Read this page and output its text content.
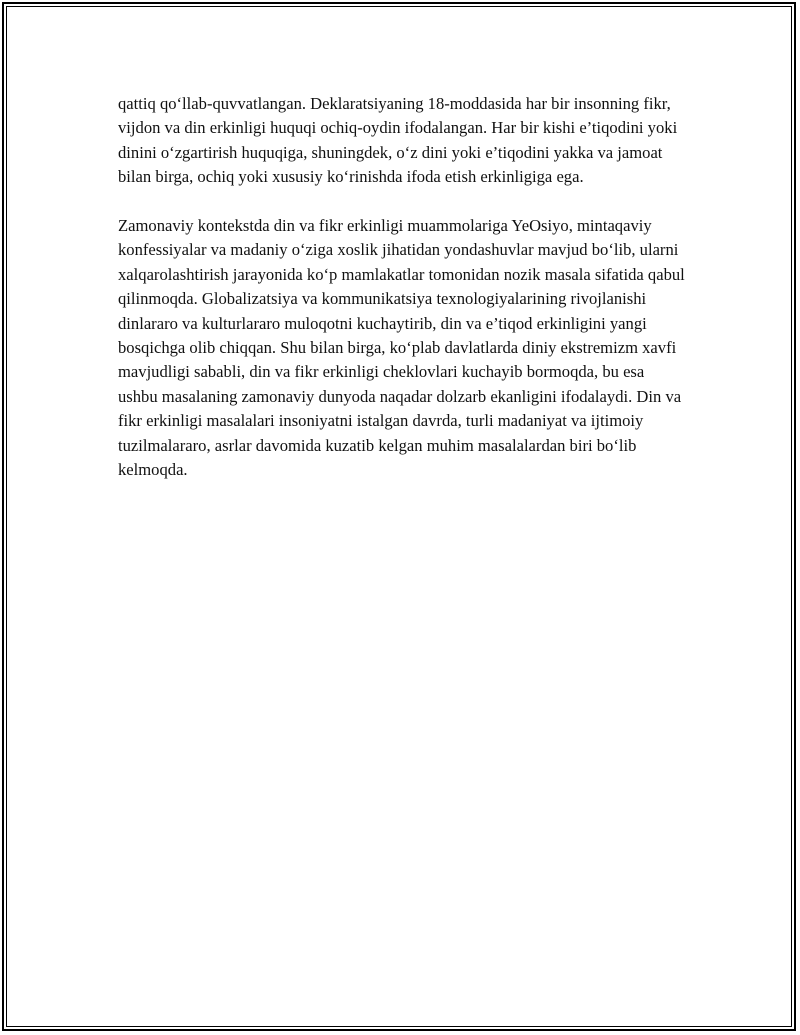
qattiq qo‘llab-quvvatlangan. Deklaratsiyaning 18-moddasida har bir insonning fikr, vijdon va din erkinligi huquqi ochiq-oydin ifodalangan. Har bir kishi e’tiqodini yoki dinini o‘zgartirish huquqiga, shuningdek, o‘z dini yoki e’tiqodini yakka va jamoat bilan birga, ochiq yoki xususiy ko‘rinishda ifoda etish erkinligiga ega.

Zamonaviy kontekstda din va fikr erkinligi muammolariga YeOsiyo, mintaqaviy konfessiyalar va madaniy o‘ziga xoslik jihatidan yondashuvlar mavjud bo‘lib, ularni xalqarolashtirish jarayonida ko‘p mamlakatlar tomonidan nozik masala sifatida qabul qilinmoqda. Globalizatsiya va kommunikatsiya texnologiyalarining rivojlanishi dinlararo va kulturlararo muloqotni kuchaytirib, din va e’tiqod erkinligini yangi bosqichga olib chiqqan. Shu bilan birga, ko‘plab davlatlarda diniy ekstremizm xavfi mavjudligi sababli, din va fikr erkinligi cheklovlari kuchayib bormoqda, bu esa ushbu masalaning zamonaviy dunyoda naqadar dolzarb ekanligini ifodalaydi. Din va fikr erkinligi masalalari insoniyatni istalgan davrda, turli madaniyat va ijtimoiy tuzilmalararo, asrlar davomida kuzatib kelgan muhim masalalardan biri bo‘lib kelmoqda.
